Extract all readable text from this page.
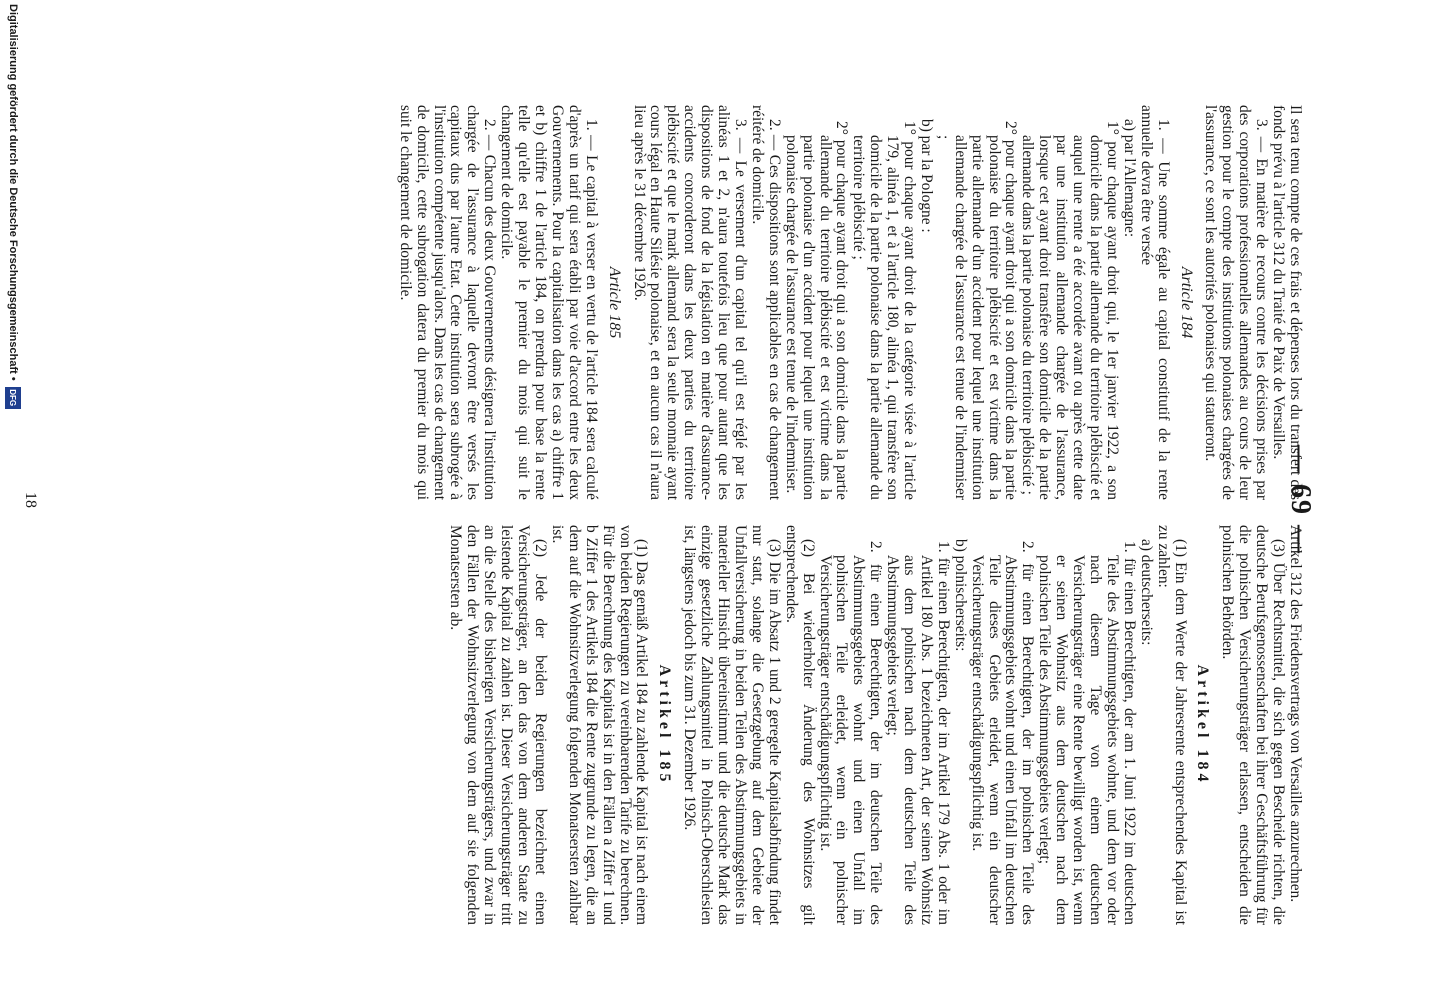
— 69 —

Il sera tenu compte de ces frais et dépenses lors du transfert des fonds prévu à l'article 312 du Traité de Paix de Versailles.

3. — En matière de recours contre les décisions prises par des corporations professionnelles allemandes au cours de leur gestion pour le compte des institutions polonaises chargées de l'assurance, ce sont les autorités polonaises qui statueront.

Article 184

1. — Une somme égale au capital constitutif de la rente annuelle devra être versée

a) par l'Allemagne:

1° pour chaque ayant droit qui, le 1er janvier 1922, a son domicile dans la partie allemande du territoire plébiscité et auquel une rente a été accordée avant ou après cette date par une institution allemande chargée de l'assurance, lorsque cet ayant droit transfère son domicile de la partie allemande dans la partie polonaise du territoire plébiscité ;

2° pour chaque ayant droit qui a son domicile dans la partie polonaise du territoire plébiscité et est victime dans la partie allemande d'un accident pour lequel une institution allemande chargée de l'assurance est tenue de l'indemniser ;

b) par la Pologne :

1° pour chaque ayant droit de la catégorie visée à l'article 179, alinéa 1, et à l'article 180, alinéa 1, qui transfère son domicile de la partie polonaise dans la partie allemande du territoire plébiscité ;

2° pour chaque ayant droit qui a son domicile dans la partie allemande du territoire plébiscité et est victime dans la partie polonaise d'un accident pour lequel une institution polonaise chargée de l'assurance est tenue de l'indemniser.

2. — Ces dispositions sont applicables en cas de changement réitéré de domicile.

3. — Le versement d'un capital tel qu'il est réglé par les alinéas 1 et 2, n'aura toutefois lieu que pour autant que les dispositions de fond de la législation en matière d'assurance-accidents concorderont dans les deux parties du territoire plébiscité et que le mark allemand sera la seule monnaie ayant cours légal en Haute Silésie polonaise, et en aucun cas il n'aura lieu après le 31 décembre 1926.

Article 185

1. — Le capital à verser en vertu de l'article 184 sera calculé d'après un tarif qui sera établi par voie d'accord entre les deux Gouvernements. Pour la capitalisation dans les cas a) chiffre 1 et b) chiffre 1 de l'article 184, on prendra pour base la rente telle qu'elle est payable le premier du mois qui suit le changement de domicile.

2. — Chacun des deux Gouvernements désignera l'institution chargée de l'assurance à laquelle devront être versés les capitaux dus par l'autre Etat. Cette institution sera subrogée à l'institution compétente jusqu'alors. Dans les cas de changement de domicile, cette subrogation datera du premier du mois qui suit le changement de domicile.

Artikel 312 des Friedensvertrags von Versailles anzurechnen.

(3) Über Rechtsmittel, die sich gegen Bescheide richten, die deutsche Berufsgenossenschaften bei ihrer Geschäftsführung für die polnischen Versicherungsträger erlassen, entscheiden die polnischen Behörden.

Artikel 184

(1) Ein dem Werte der Jahresrente entsprechendes Kapital ist zu zahlen:

a) deutscherseits:

1. für einen Berechtigten, der am 1. Juni 1922 im deutschen Teile des Abstimmungsgebiets wohnte, und dem vor oder nach diesem Tage von einem deutschen Versicherungsträger eine Rente bewilligt worden ist, wenn er seinen Wohnsitz aus dem deutschen nach dem polnischen Teile des Abstimmungsgebiets verlegt;

2. für einen Berechtigten, der im polnischen Teile des Abstimmungsgebiets wohnt und einen Unfall im deutschen Teile dieses Gebiets erleidet, wenn ein deutscher Versicherungsträger entschädigungspflichtig ist.

b) polnischerseits:

1. für einen Berechtigten, der im Artikel 179 Abs. 1 oder im Artikel 180 Abs. 1 bezeichneten Art, der seinen Wohnsitz aus dem polnischen nach dem deutschen Teile des Abstimmungsgebiets verlegt;

2. für einen Berechtigten, der im deutschen Teile des Abstimmungsgebiets wohnt und einen Unfall im polnischen Teile erleidet, wenn ein polnischer Versicherungsträger entschädigungspflichtig ist.

(2) Bei wiederholter Änderung des Wohnsitzes gilt entsprechendes.

(3) Die im Absatz 1 und 2 geregelte Kapitalsabfindung findet nur statt, solange die Gesetzgebung auf dem Gebiete der Unfallversicherung in beiden Teilen des Abstimmungsgebiets in materieller Hinsicht übereinstimmt und die deutsche Mark das einzige gesetzliche Zahlungsmittel in Polnisch-Oberschlesien ist, längstens jedoch bis zum 31. Dezember 1926.

Artikel 185

(1) Das gemäß Artikel 184 zu zahlende Kapital ist nach einem von beiden Regierungen zu vereinbarenden Tarife zu berechnen. Für die Berechnung des Kapitals ist in den Fällen a Ziffer 1 und b Ziffer 1 des Artikels 184 die Rente zugrunde zu legen, die an dem auf die Wohnsitzverlegung folgenden Monatsersten zahlbar ist.

(2) Jede der beiden Regierungen bezeichnet einen Versicherungsträger, an den das von dem anderen Staate zu leistende Kapital zu zahlen ist. Dieser Versicherungsträger tritt an die Stelle des bisherigen Versicherungsträgers, und zwar in den Fällen der Wohnsitzverlegung von dem auf sie folgenden Monatsersten ab.

18
Digitalisierung gefördert durch die Deutsche Forschungsgemeinschaft •
DFG
